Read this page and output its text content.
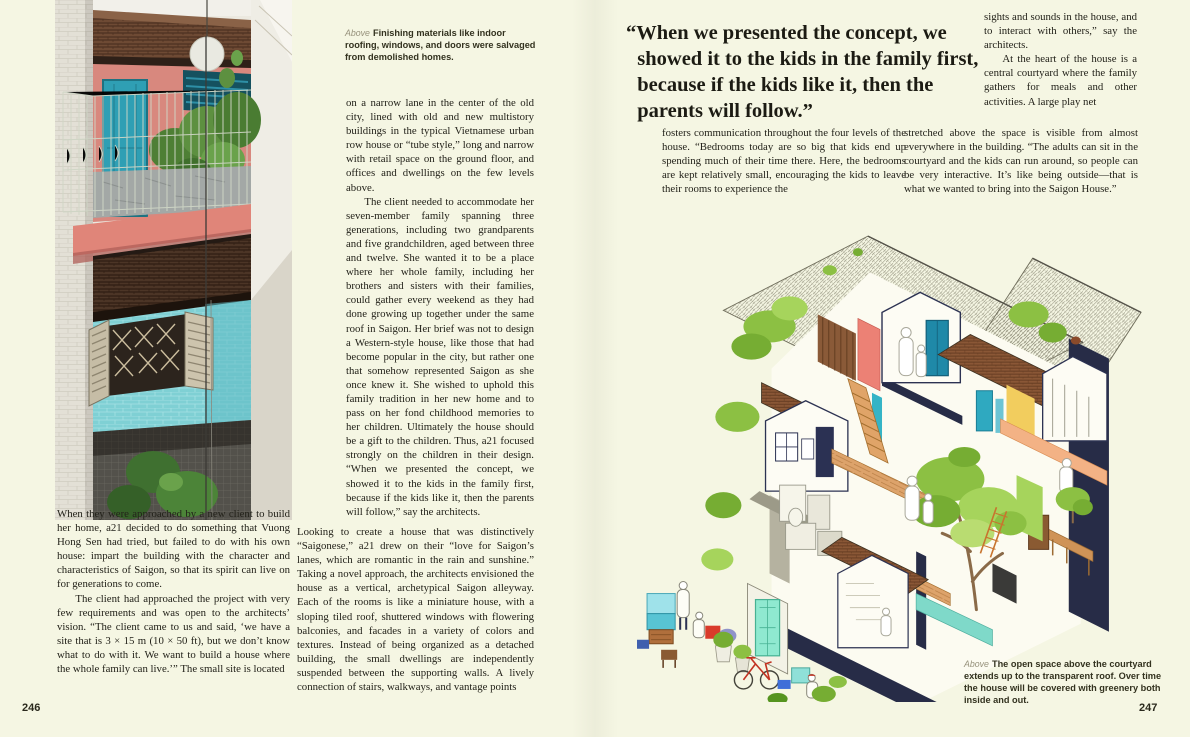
Above Finishing materials like indoor roofing, windows, and doors were salvaged from demolished homes.

on a narrow lane in the center of the old city, lined with old and new multistory buildings in the typical Vietnamese urban row house or “tube style,” long and narrow with retail space on the ground floor, and offices and dwellings on the few levels above.

The client needed to accommodate her seven-member family spanning three generations, including two grandparents and five grandchildren, aged between three and twelve. She wanted it to be a place where her whole family, including her brothers and sisters with their families, could gather every weekend as they had done growing up together under the same roof in Saigon. Her brief was not to design a Western-style house, like those that had become popular in the city, but rather one that somehow represented Saigon as she once knew it. She wished to uphold this family tradition in her new home and to pass on her fond childhood memories to her children. Ultimately the house should be a gift to the children. Thus, a21 focused strongly on the children in their design. “When we presented the concept, we showed it to the kids in the family first, because if the kids like it, then the parents will follow,” say the architects.

When they were approached by a new client to build her home, a21 decided to do something that Vuong Hong Sen had tried, but failed to do with his own house: impart the building with the character and characteristics of Saigon, so that its spirit can live on for generations to come.

The client had approached the project with very few requirements and was open to the architects’ vision. “The client came to us and said, ‘we have a site that is 3 × 15 m (10 × 50 ft), but we don’t know what to do with it. We want to build a house where the whole family can live.’” The small site is located

Looking to create a house that was distinctively “Saigonese,” a21 drew on their “love for Saigon’s lanes, which are romantic in the rain and sunshine.” Taking a novel approach, the architects envisioned the house as a vertical, archetypical Saigon alleyway. Each of the rooms is like a miniature house, with a sloping tiled roof, shuttered windows with flowering balconies, and facades in a variety of colors and textures. Instead of being organized as a detached building, the small dwellings are independently suspended between the supporting walls. A lively connection of stairs, walkways, and vantage points

246
“When we presented the concept, we showed it to the kids in the family first, because if the kids like it, then the parents will follow.”

fosters communication throughout the four levels of the house. “Bedrooms today are so big that kids end up spending much of their time there. Here, the bedrooms are kept relatively small, encouraging the kids to leave their rooms to experience the

sights and sounds in the house, and to interact with others,” say the architects.

At the heart of the house is a central courtyard where the family gathers for meals and other activities. A large play net

stretched above the space is visible from almost everywhere in the building. “The adults can sit in the courtyard and the kids can run around, so people can be very interactive. It’s like being outside—that is what we wanted to bring into the Saigon House.”

Above The open space above the courtyard extends up to the transparent roof. Over time the house will be covered with greenery both inside and out.
247
